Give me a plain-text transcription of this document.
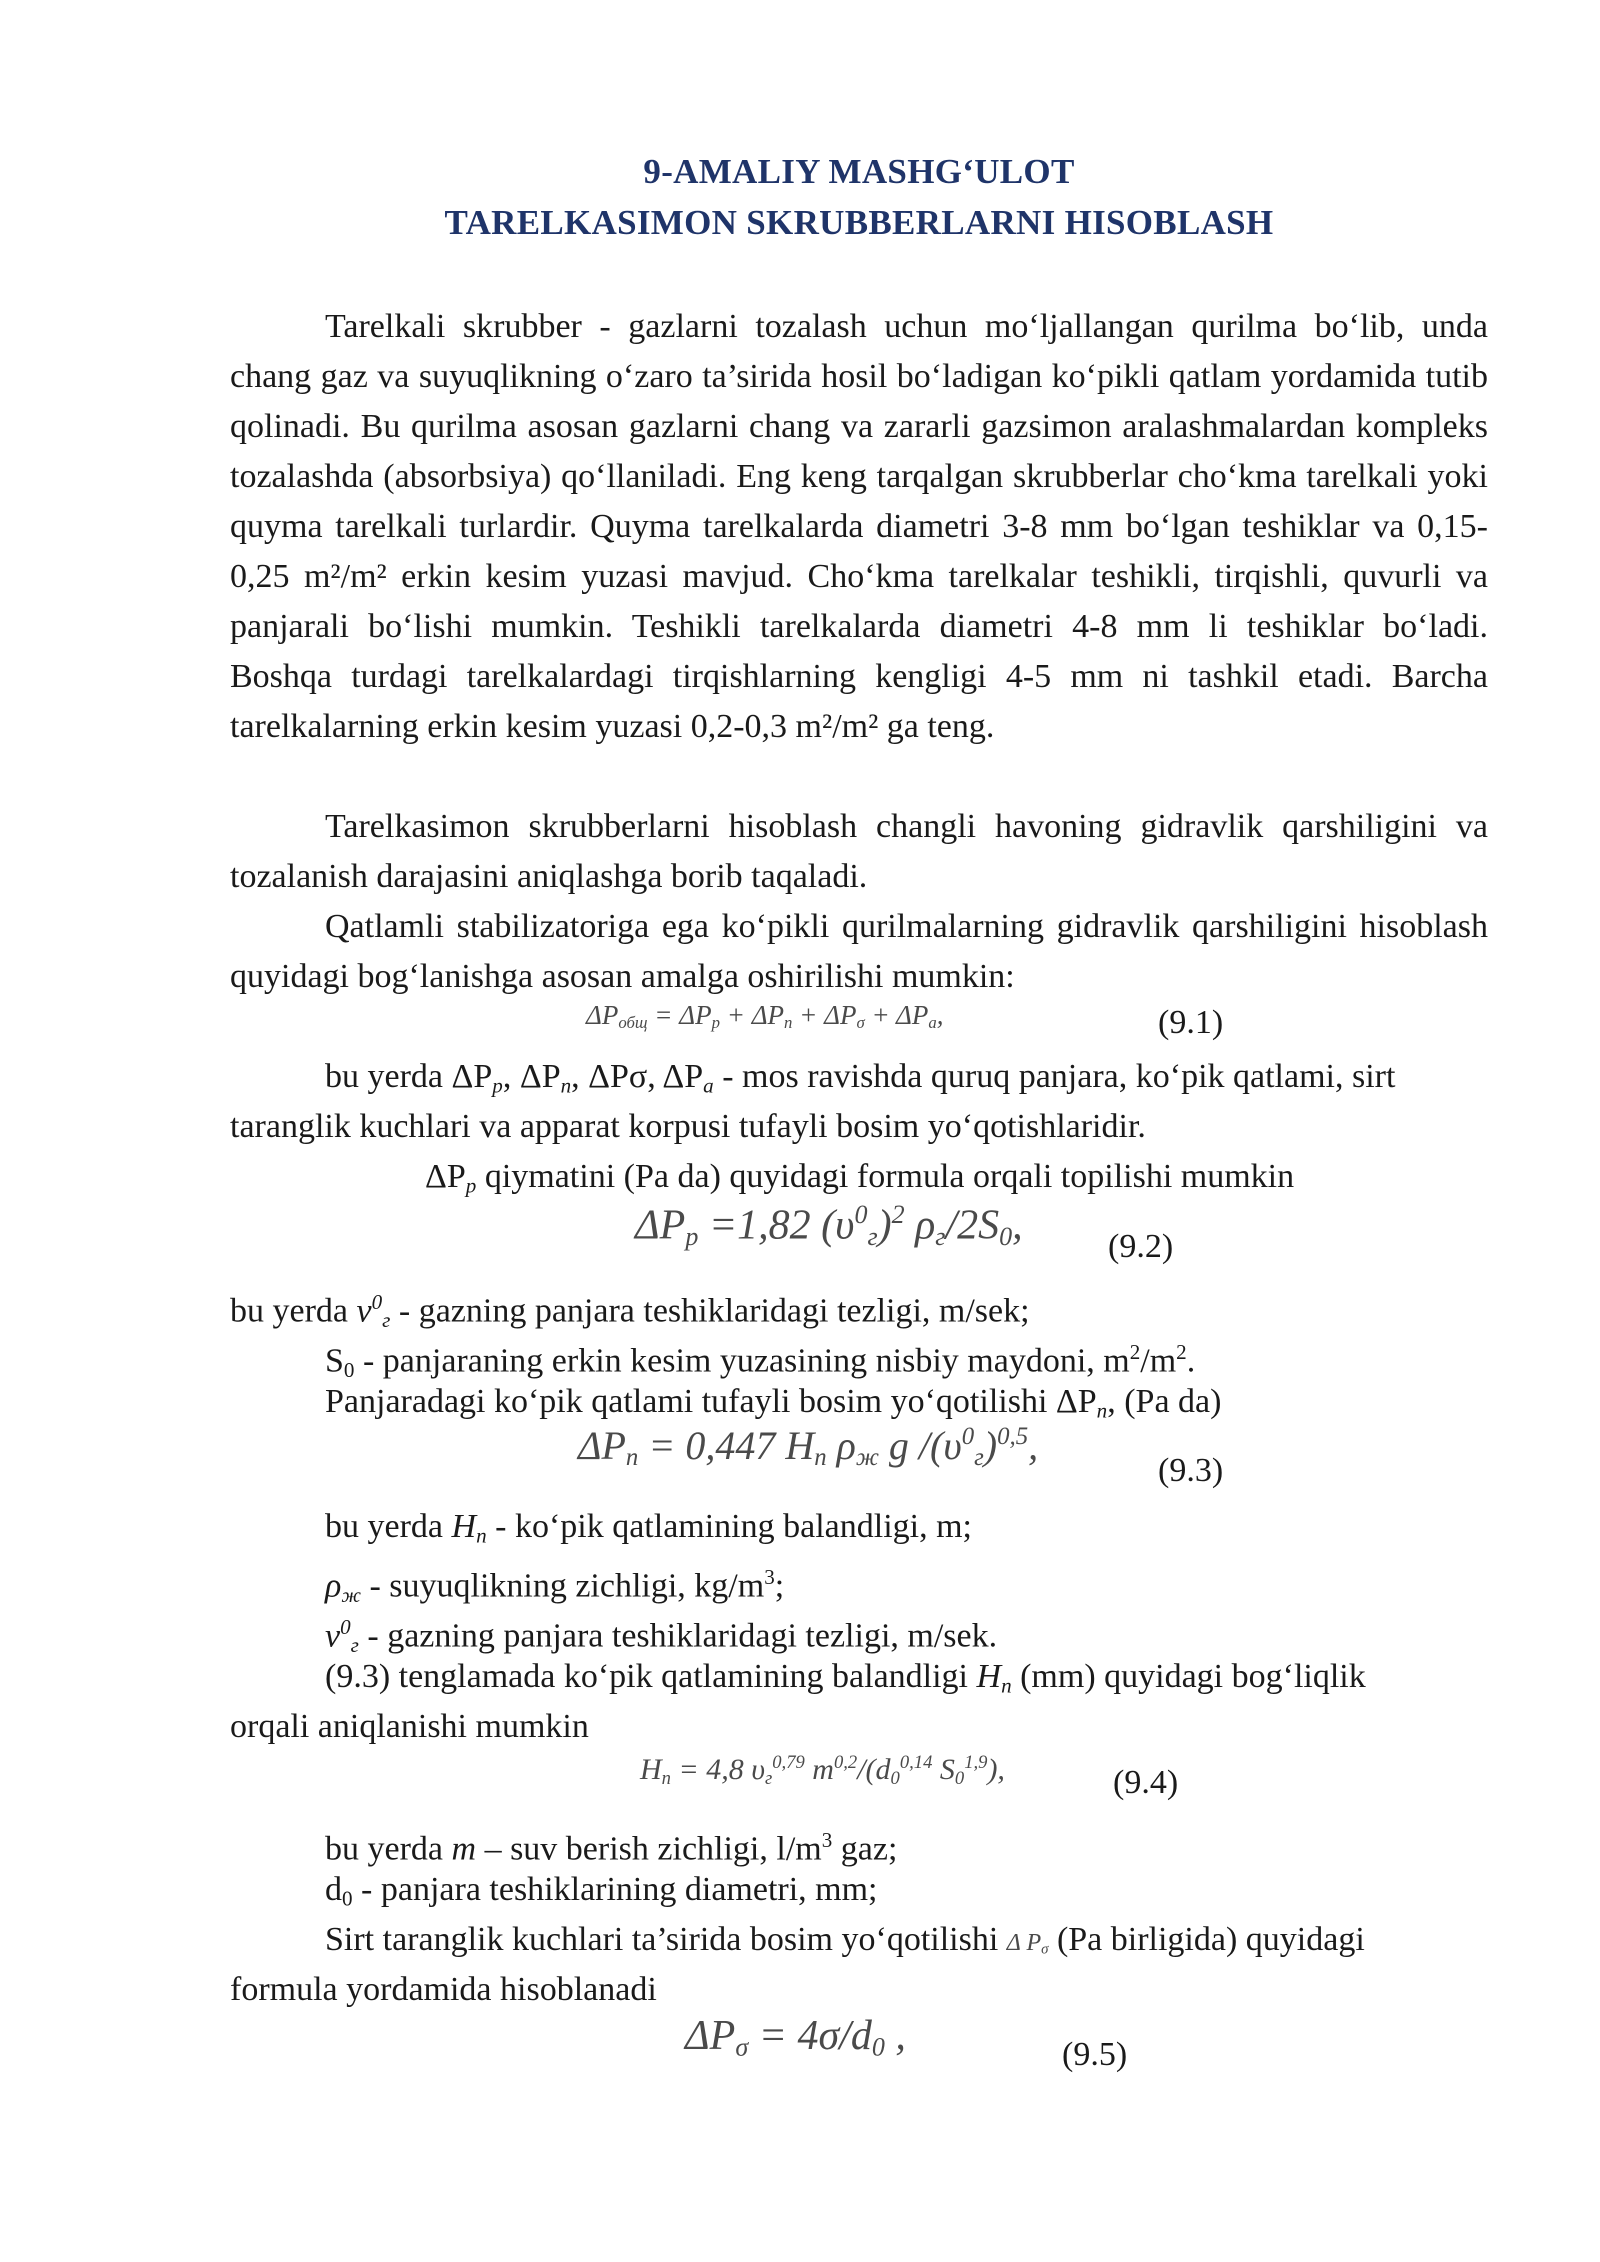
9-AMALIY MASHG‘ULOT
TARELKASIMON SKRUBBERLARNI HISOBLASH

Tarelkali skrubber - gazlarni tozalash uchun mo‘ljallangan qurilma bo‘lib, unda chang gaz va suyuqlikning o‘zaro ta’sirida hosil bo‘ladigan ko‘pikli qatlam yordamida tutib qolinadi. Bu qurilma asosan gazlarni chang va zararli gazsimon aralashmalardan kompleks tozalashda (absorbsiya) qo‘llaniladi. Eng keng tarqalgan skrubberlar cho‘kma tarelkali yoki quyma tarelkali turlardir. Quyma tarelkalarda diametri 3-8 mm bo‘lgan teshiklar va 0,15-0,25 m²/m² erkin kesim yuzasi mavjud. Cho‘kma tarelkalar teshikli, tirqishli, quvurli va panjarali bo‘lishi mumkin. Teshikli tarelkalarda diametri 4-8 mm li teshiklar bo‘ladi. Boshqa turdagi tarelkalardagi tirqishlarning kengligi 4-5 mm ni tashkil etadi. Barcha tarelkalarning erkin kesim yuzasi 0,2-0,3 m²/m² ga teng.

Tarelkasimon skrubberlarni hisoblash changli havoning gidravlik qarshiligini va tozalanish darajasini aniqlashga borib taqaladi.

Qatlamli stabilizatoriga ega ko‘pikli qurilmalarning gidravlik qarshiligini hisoblash quyidagi bog‘lanishga asosan amalga oshirilishi mumkin:

$\Delta P_{общ} = \Delta P_p + \Delta P_п + \Delta P_\sigma + \Delta P_а$,	(9.1)
bu yerda $\Delta P_p$, $\Delta P_n$, ΔPσ, $\Delta P_a$ - mos ravishda quruq panjara, ko‘pik qatlami, sirt
taranglik kuchlari va apparat korpusi tufayli bosim yo‘qotishlaridir.
$\Delta P_p$ qiymatini (Pa da) quyidagi formula orqali topilishi mumkin
$\Delta P_p =1,82$ $(\upsilon^0_г)^2$ $\rho_г/2S_0$,	(9.2)
bu yerda $v^0_г$ - gazning panjara teshiklaridagi tezligi, m/sek;
$S_0$ - panjaraning erkin kesim yuzasining nisbiy maydoni, $m^2/m^2$.
Panjaradagi ko‘pik qatlami tufayli bosim yo‘qotilishi $\Delta P_n$, (Pa da)
$\Delta P_п = 0,447$ $H_п$ $\rho_ж$ g $/(\upsilon^0_г)^{0,5}$,
(9.3)
bu yerda $H_n$ - ko‘pik qatlamining balandligi, m;
$\rho_ж$ - suyuqlikning zichligi, $kg/m^3$;
$v^0_г$ - gazning panjara teshiklaridagi tezligi, m/sek.
(9.3) tenglamada ko‘pik qatlamining balandligi $H_n$ (mm) quyidagi bog‘liqlik
orqali aniqlanishi mumkin
$H_п = 4,8$ $\upsilon_г^{0,79}$ $m^{0,2}/(d_0^{0,14}$ $S_0^{1,9}$),	(9.4)
bu yerda m – suv berish zichligi, $l/m^3$ gaz;
$d_0$ - panjara teshiklarining diametri, mm;
Sirt taranglik kuchlari ta’sirida bosim yo‘qotilishi Δ $P_\sigma$ (Pa birligida) quyidagi
formula yordamida hisoblanadi
$\Delta P_\sigma = 4\sigma/d_0$ ,	(9.5)
